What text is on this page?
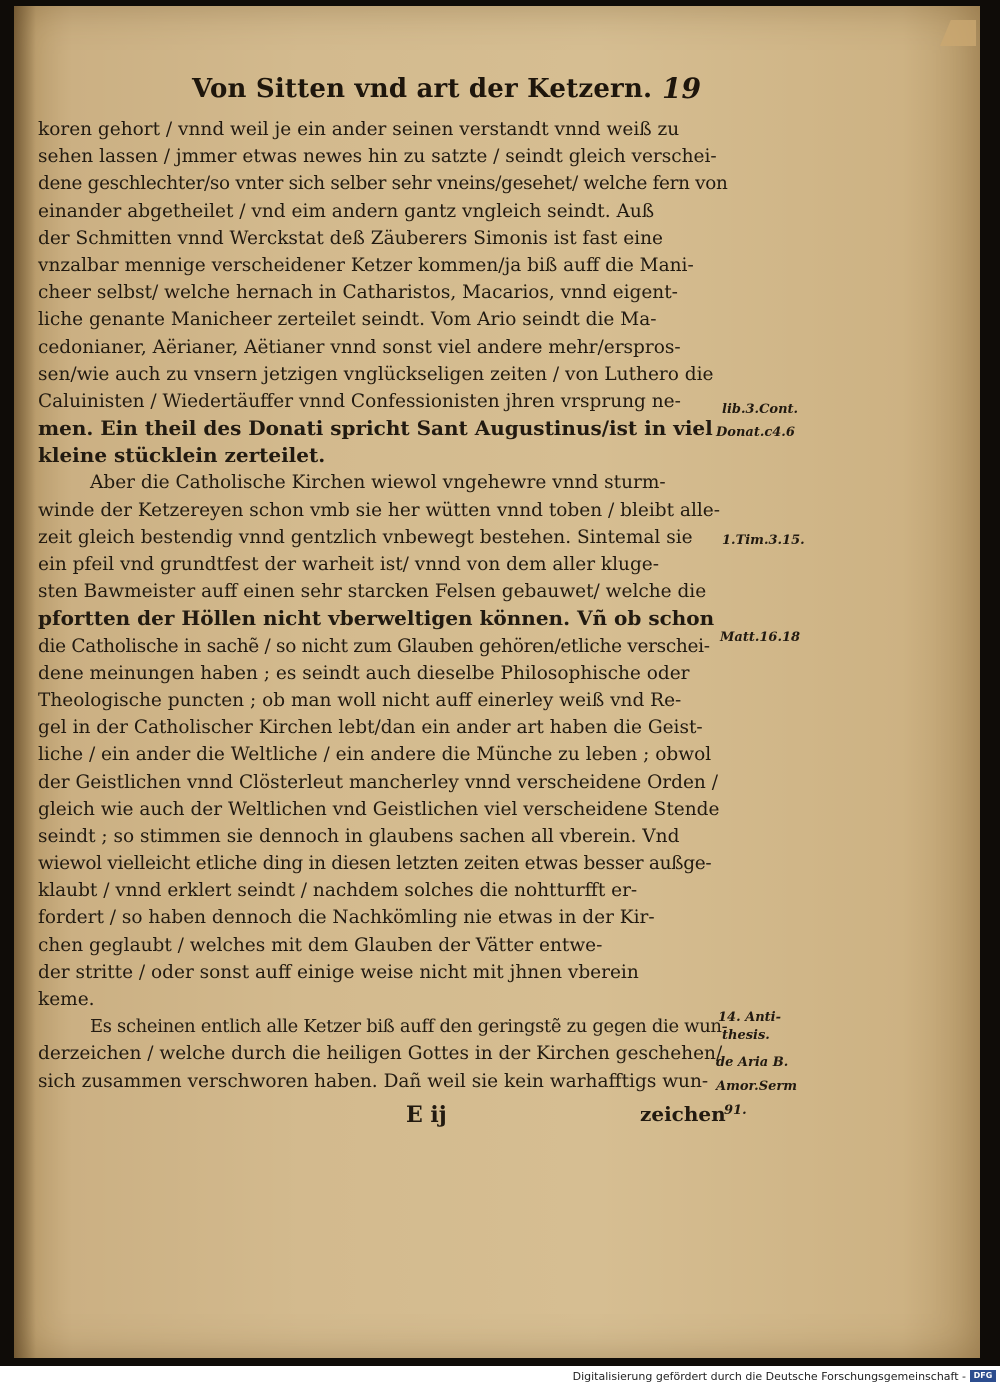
Von Sitten vnd art der Ketzern. 19
koren gehort / vnnd weil je ein ander seinen verstandt vnnd weiß zu
sehen lassen / jmmer etwas newes hin zu satzte / seindt gleich verschei-
dene geschlechter/so vnter sich selber sehr vneins/gesehet/ welche fern von
einander abgetheilet / vnd eim andern gantz vngleich seindt. Auß
der Schmitten vnnd Werckstat deß Zäuberers Simonis ist fast eine
vnzalbar mennige verscheidener Ketzer kommen/ja biß auff die Mani-
cheer selbst/ welche hernach in Catharistos, Macarios, vnnd eigent-
liche genante Manicheer zerteilet seindt. Vom Ario seindt die Ma-
cedonianer, Aërianer, Aëtianer vnnd sonst viel andere mehr/erspros-
sen/wie auch zu vnsern jetzigen vnglückseligen zeiten / von Luthero die
Caluinisten / Wiedertäuffer vnnd Confessionisten jhren vrsprung ne-
men. Ein theil des Donati spricht Sant Augustinus/ist in viel
kleine stücklein zerteilet.
Aber die Catholische Kirchen wiewol vngehewre vnnd sturm-
winde der Ketzereyen schon vmb sie her wütten vnnd toben / bleibt alle-
zeit gleich bestendig vnnd gentzlich vnbewegt bestehen. Sintemal sie
ein pfeil vnd grundtfest der warheit ist/ vnnd von dem aller kluge-
sten Bawmeister auff einen sehr starcken Felsen gebauwet/ welche die
pfortten der Höllen nicht vberweltigen können. Vñ ob schon
die Catholische in sachẽ / so nicht zum Glauben gehören/etliche verschei-
dene meinungen haben ; es seindt auch dieselbe Philosophische oder
Theologische puncten ; ob man woll nicht auff einerley weiß vnd Re-
gel in der Catholischer Kirchen lebt/dan ein ander art haben die Geist-
liche / ein ander die Weltliche / ein andere die Münche zu leben ; obwol
der Geistlichen vnnd Clösterleut mancherley vnnd verscheidene Orden /
gleich wie auch der Weltlichen vnd Geistlichen viel verscheidene Stende
seindt ; so stimmen sie dennoch in glaubens sachen all vberein. Vnd
wiewol vielleicht etliche ding in diesen letzten zeiten etwas besser außge-
klaubt / vnnd erklert seindt / nachdem solches die nohtturfft er-
fordert / so haben dennoch die Nachkömling nie etwas in der Kir-
chen geglaubt / welches mit dem Glauben der Vätter entwe-
der stritte / oder sonst auff einige weise nicht mit jhnen vberein
keme.
Es scheinen entlich alle Ketzer biß auff den geringstẽ zu gegen die wun-
derzeichen / welche durch die heiligen Gottes in der Kirchen geschehen/
sich zusammen verschworen haben. Dañ weil sie kein warhafftigs wun-
lib.3.Cont.
Donat.c4.6
1.Tim.3.15.
Matt.16.18
14. Anti-
thesis.
de Aria B.
Amor.Serm
91.
E ij	zeichen
Digitalisierung gefördert durch die Deutsche Forschungsgemeinschaft - DFG
